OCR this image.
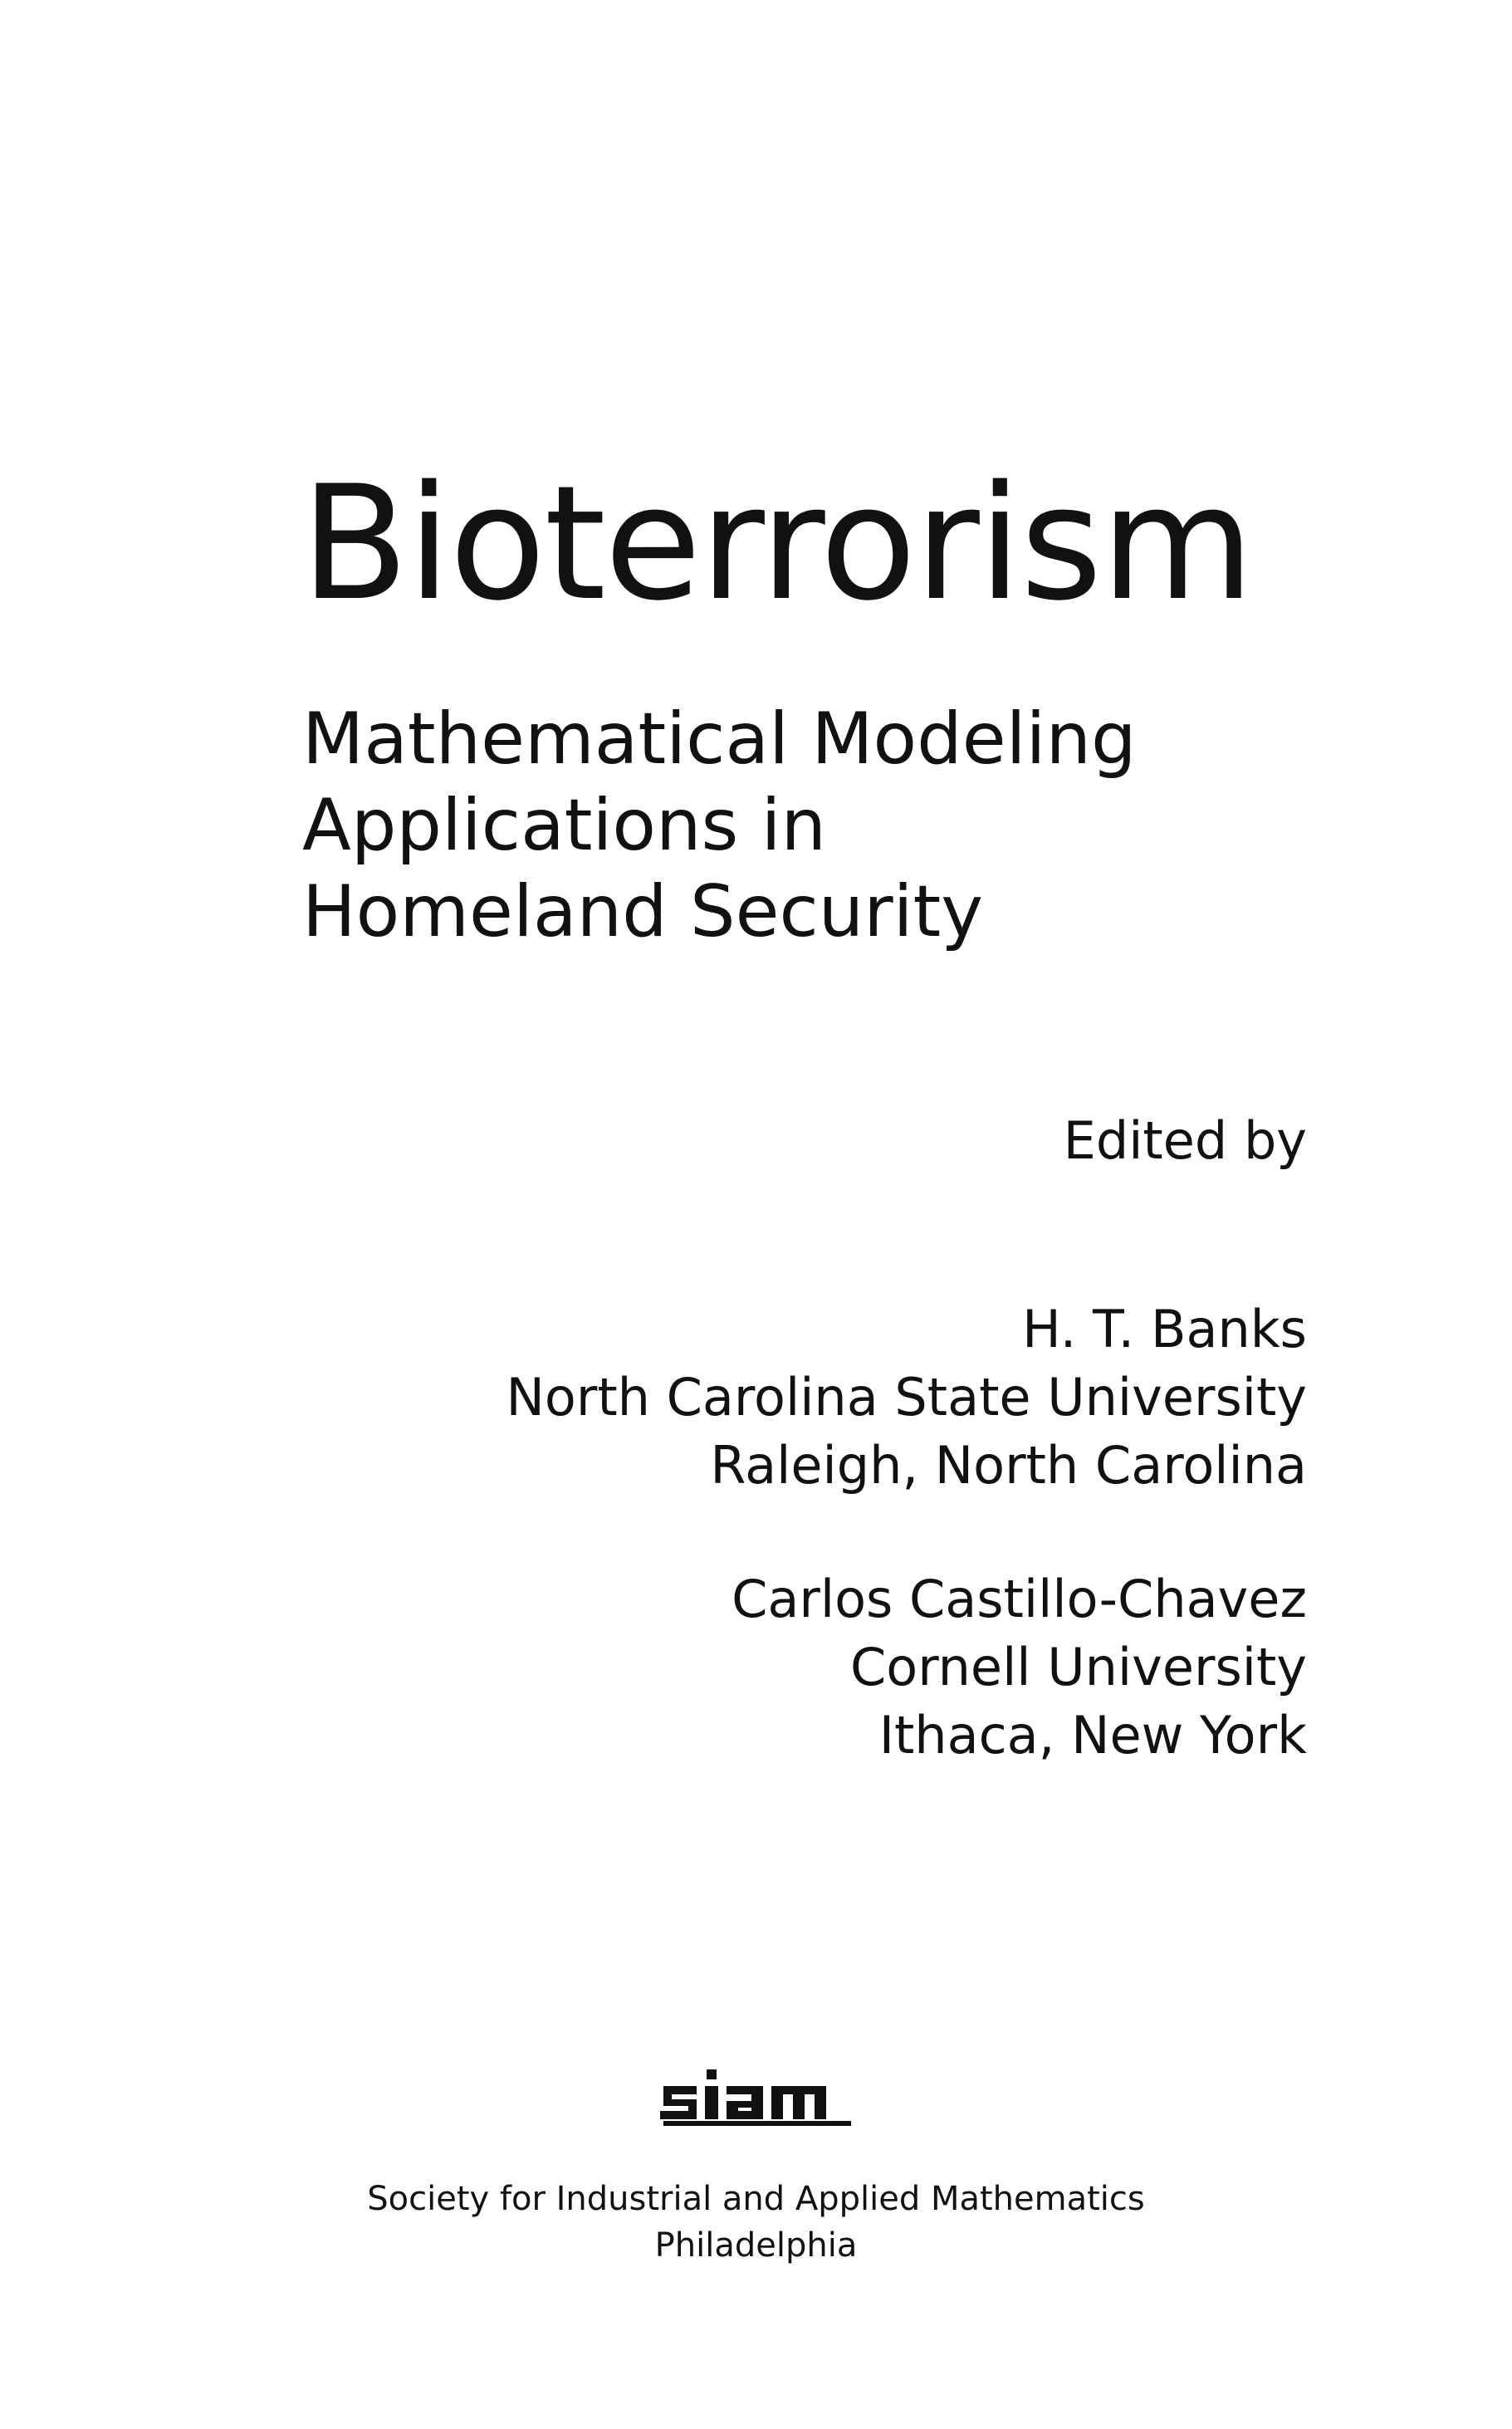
Bioterrorism
Mathematical Modeling
Applications in
Homeland Security
Edited by
H. T. Banks
North Carolina State University
Raleigh, North Carolina
Carlos Castillo-Chavez
Cornell University
Ithaca, New York
Society for Industrial and Applied Mathematics
Philadelphia
